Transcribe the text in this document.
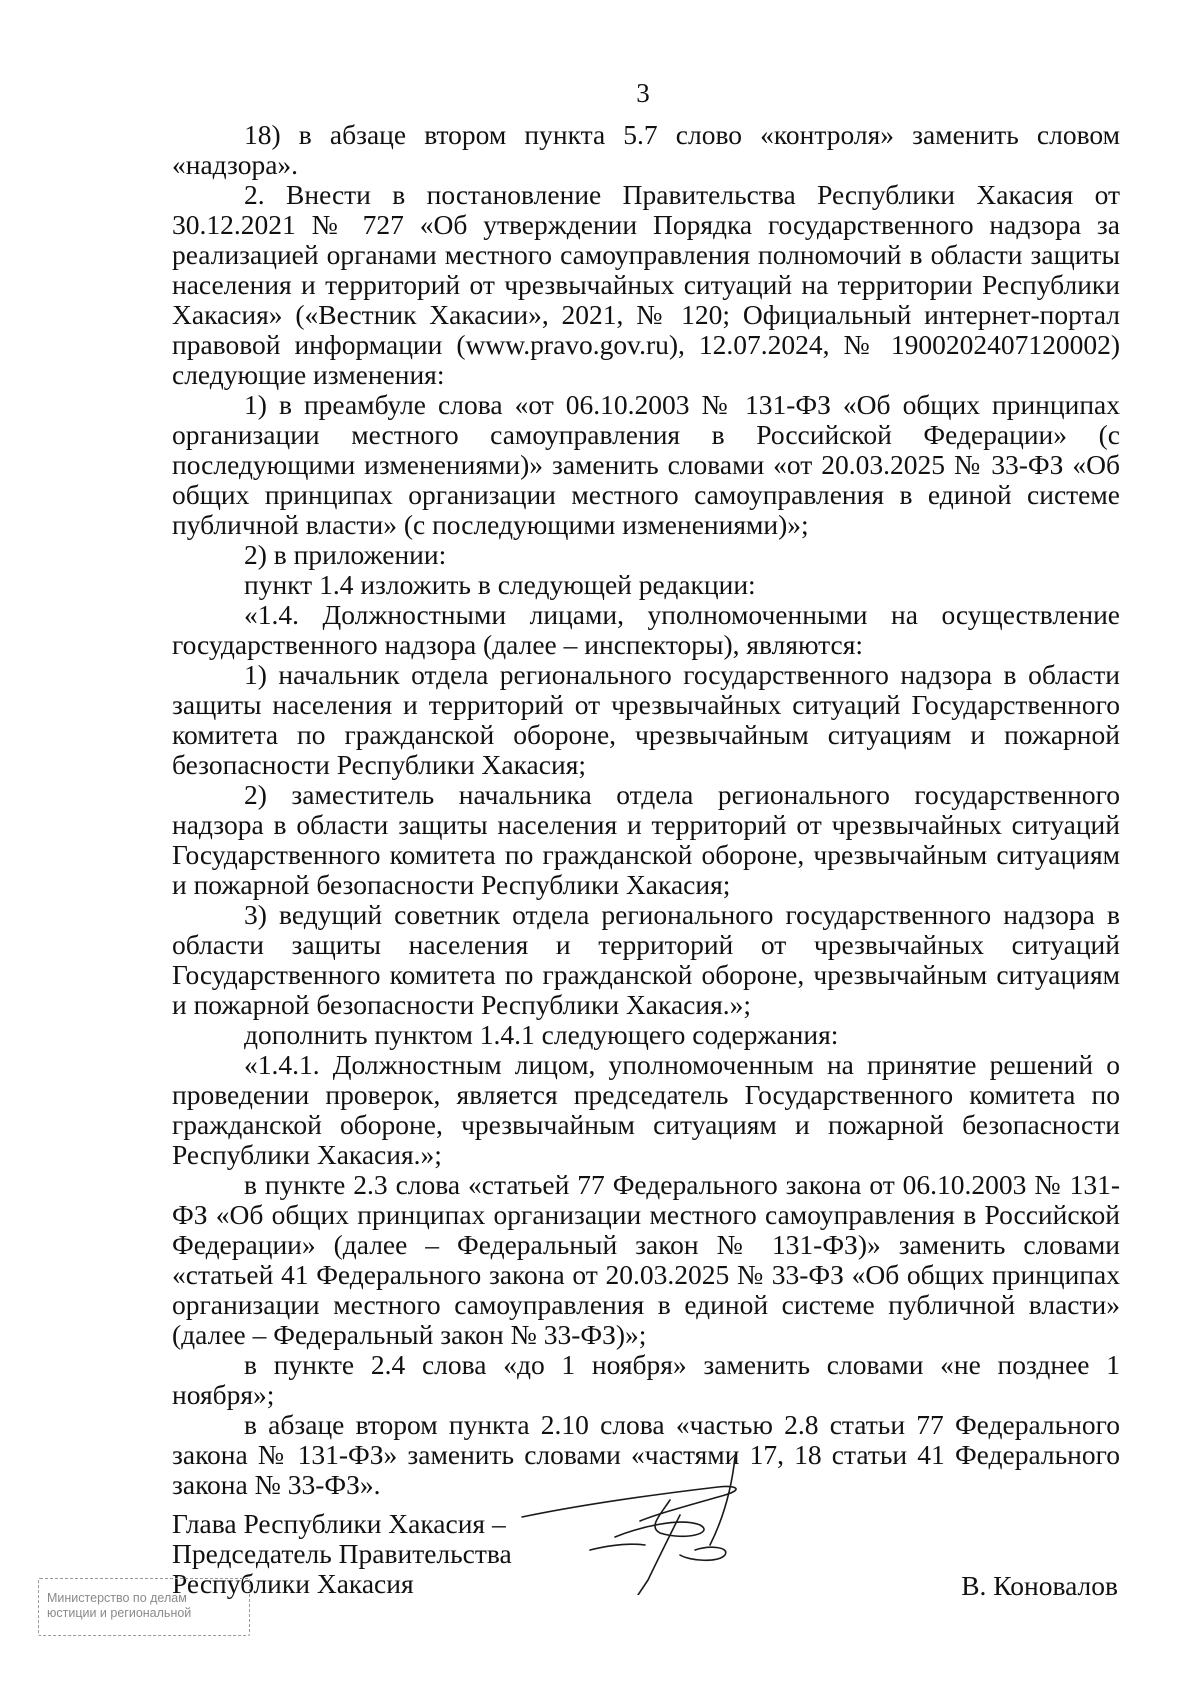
3

18) в абзаце втором пункта 5.7 слово «контроля» заменить словом «надзора».

2. Внести в постановление Правительства Республики Хакасия от 30.12.2021 № 727 «Об утверждении Порядка государственного надзора за реализацией органами местного самоуправления полномочий в области защиты населения и территорий от чрезвычайных ситуаций на территории Республики Хакасия» («Вестник Хакасии», 2021, № 120; Официальный интернет-портал правовой информации (www.pravo.gov.ru), 12.07.2024, № 1900202407120002) следующие изменения:

1) в преамбуле слова «от 06.10.2003 № 131-ФЗ «Об общих принципах организации местного самоуправления в Российской Федерации» (с последующими изменениями)» заменить словами «от 20.03.2025 № 33-ФЗ «Об общих принципах организации местного самоуправления в единой системе публичной власти» (с последующими изменениями)»;

2) в приложении:

пункт 1.4 изложить в следующей редакции:

«1.4. Должностными лицами, уполномоченными на осуществление государственного надзора (далее – инспекторы), являются:

1) начальник отдела регионального государственного надзора в области защиты населения и территорий от чрезвычайных ситуаций Государственного комитета по гражданской обороне, чрезвычайным ситуациям и пожарной безопасности Республики Хакасия;

2) заместитель начальника отдела регионального государственного надзора в области защиты населения и территорий от чрезвычайных ситуаций Государственного комитета по гражданской обороне, чрезвычайным ситуациям и пожарной безопасности Республики Хакасия;

3) ведущий советник отдела регионального государственного надзора в области защиты населения и территорий от чрезвычайных ситуаций Государственного комитета по гражданской обороне, чрезвычайным ситуациям и пожарной безопасности Республики Хакасия.»;

дополнить пунктом 1.4.1 следующего содержания:

«1.4.1. Должностным лицом, уполномоченным на принятие решений о проведении проверок, является председатель Государственного комитета по гражданской обороне, чрезвычайным ситуациям и пожарной безопасности Республики Хакасия.»;

в пункте 2.3 слова «статьей 77 Федерального закона от 06.10.2003 № 131-ФЗ «Об общих принципах организации местного самоуправления в Российской Федерации» (далее – Федеральный закон № 131-ФЗ)» заменить словами «статьей 41 Федерального закона от 20.03.2025 № 33-ФЗ «Об общих принципах организации местного самоуправления в единой системе публичной власти» (далее – Федеральный закон № 33-ФЗ)»;

в пункте 2.4 слова «до 1 ноября» заменить словами «не позднее 1 ноября»;

в абзаце втором пункта 2.10 слова «частью 2.8 статьи 77 Федерального закона № 131-ФЗ» заменить словами «частями 17, 18 статьи 41 Федерального закона № 33-ФЗ».

Глава Республики Хакасия –
Председатель Правительства
Республики Хакасия	В. Коновалов
Министерство по делам
юстиции и региональной
